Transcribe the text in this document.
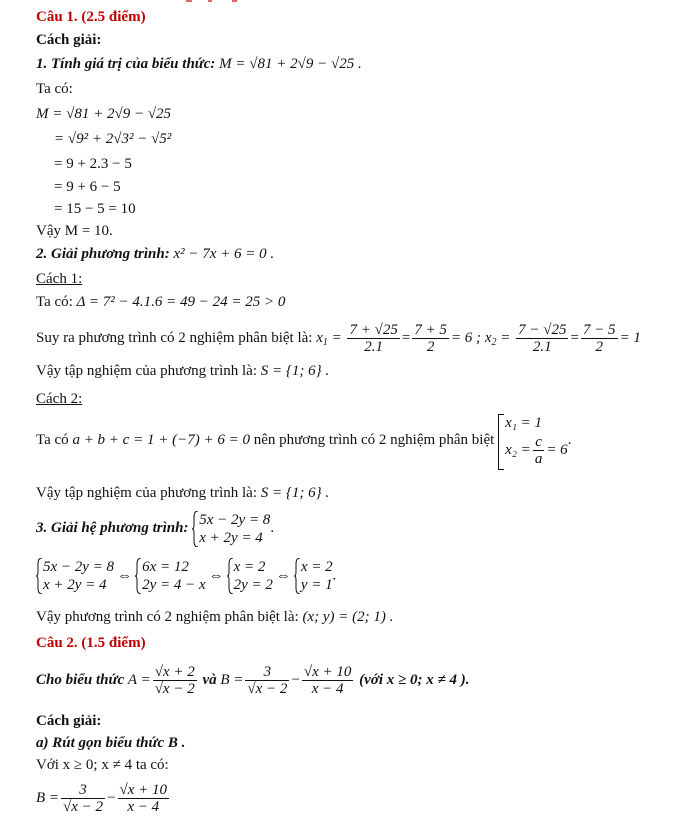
Câu 1. (2.5 điểm)
Cách giải:
1. Tính giá trị của biểu thức: M = √81 + 2√9 − √25 .
Ta có:
M = √81 + 2√9 − √25
= √9² + 2√3² − √5²
= 9 + 2.3 − 5
= 9 + 6 − 5
= 15 − 5 = 10
Vậy M = 10.
2. Giải phương trình: x² − 7x + 6 = 0 .
Cách 1:
Ta có: Δ = 7² − 4.1.6 = 49 − 24 = 25 > 0
Suy ra phương trình có 2 nghiệm phân biệt là: $x_1 = \frac{7 + √25}{2.1} = \frac{7 + 5}{2} = 6$ ; $x_2 = \frac{7 - √25}{2.1} = \frac{7 - 5}{2} = 1$
Vậy tập nghiệm của phương trình là: S = {1; 6} .
Cách 2:
Ta có a + b + c = 1 + (−7) + 6 = 0 nên phương trình có 2 nghiệm phân biệt
x₁ = 1
$x_2 = \frac{c}{a} = 6$
.
Vậy tập nghiệm của phương trình là: S = {1; 6} .
3. Giải hệ phương trình:
5x − 2y = 8
x + 2y = 4
.
5x − 2y = 8
x + 2y = 4
⇔
6x = 12
2y = 4 − x
⇔
x = 2
2y = 2
⇔
x = 2
y = 1
.
Vậy phương trình có 2 nghiệm phân biệt là: (x; y) = (2; 1) .
Câu 2. (1.5 điểm)
Cho biểu thức $A = \frac{√x + 2}{√x - 2}$ và $B = \frac{3}{√x - 2} - \frac{√x + 10}{x - 4}$ (với x ≥ 0; x ≠ 4 ).
Cách giải:
a) Rút gọn biểu thức B .
Với x ≥ 0; x ≠ 4 ta có:
$B = \frac{3}{√x - 2} - \frac{√x + 10}{x - 4}$
